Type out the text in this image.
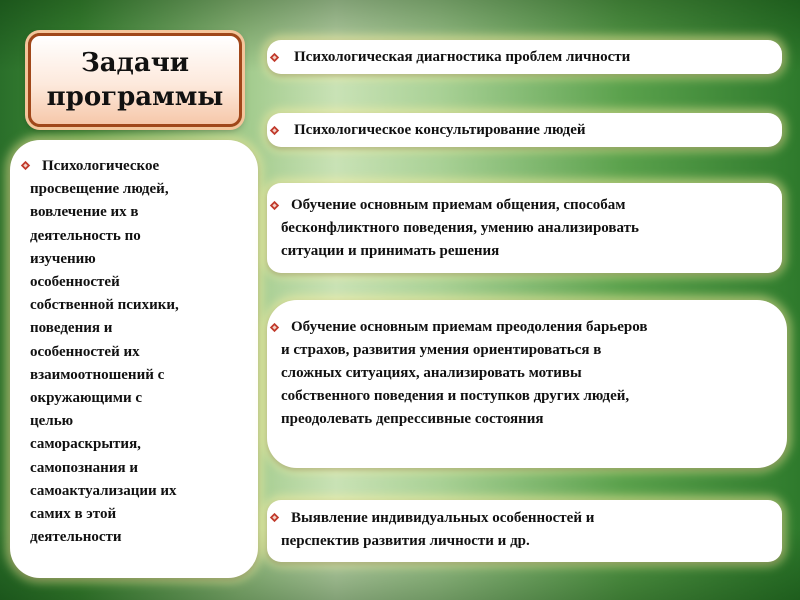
Задачи
программы
Психологическое
просвещение людей,
вовлечение их в
деятельность по
изучению
особенностей
собственной психики,
поведения и
особенностей их
взаимоотношений с
окружающими с
целью
самораскрытия,
самопознания и
самоактуализации их
самих в этой
деятельности
Психологическая диагностика проблем личности
Психологическое консультирование людей
Обучение основным приемам общения, способам
бесконфликтного поведения, умению анализировать
ситуации и принимать решения
Обучение основным приемам преодоления барьеров
и страхов, развития умения ориентироваться в
сложных ситуациях, анализировать мотивы
собственного поведения и поступков других людей,
преодолевать депрессивные состояния
Выявление индивидуальных особенностей и
перспектив развития личности и др.
